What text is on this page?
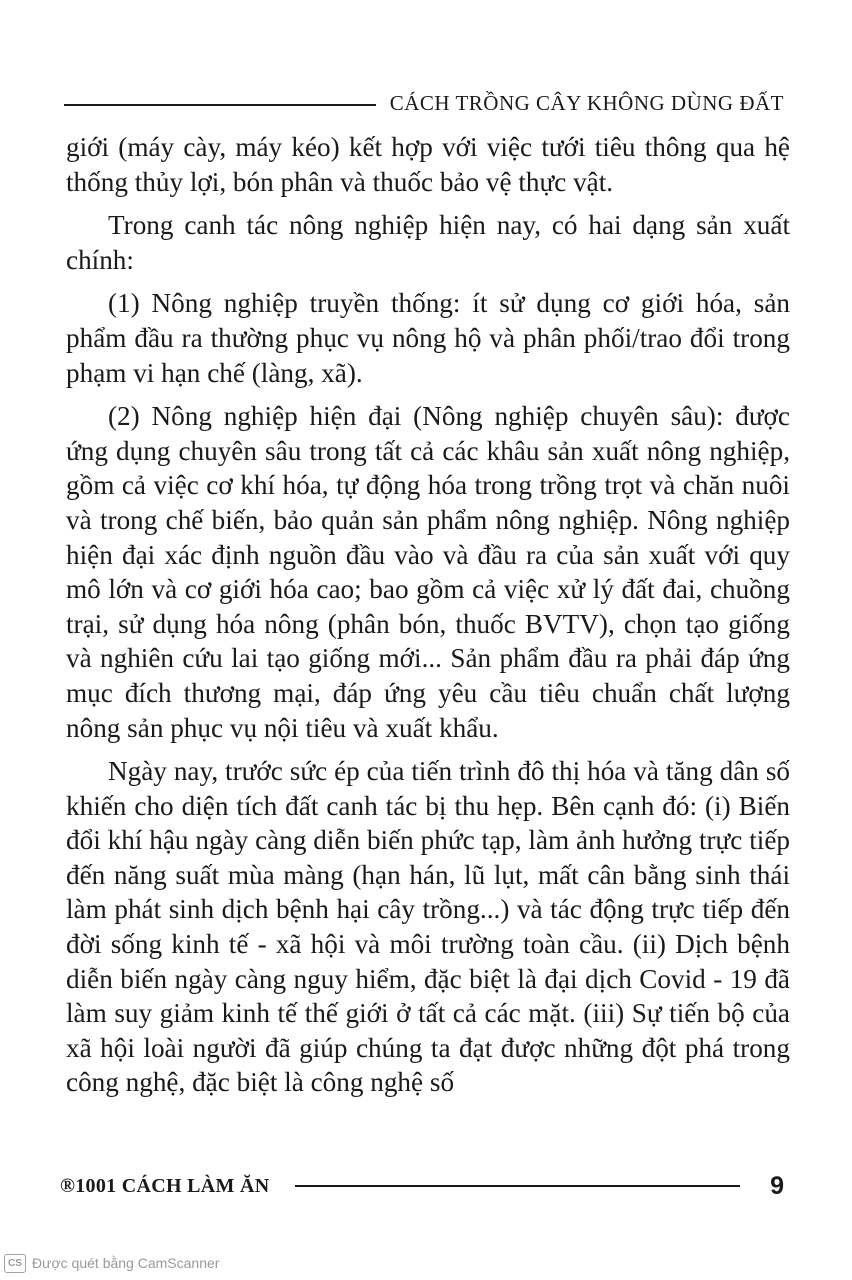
CÁCH TRỒNG CÂY KHÔNG DÙNG ĐẤT

giới (máy cày, máy kéo) kết hợp với việc tưới tiêu thông qua hệ thống thủy lợi, bón phân và thuốc bảo vệ thực vật.

Trong canh tác nông nghiệp hiện nay, có hai dạng sản xuất chính:

(1) Nông nghiệp truyền thống: ít sử dụng cơ giới hóa, sản phẩm đầu ra thường phục vụ nông hộ và phân phối/trao đổi trong phạm vi hạn chế (làng, xã).

(2) Nông nghiệp hiện đại (Nông nghiệp chuyên sâu): được ứng dụng chuyên sâu trong tất cả các khâu sản xuất nông nghiệp, gồm cả việc cơ khí hóa, tự động hóa trong trồng trọt và chăn nuôi và trong chế biến, bảo quản sản phẩm nông nghiệp. Nông nghiệp hiện đại xác định nguồn đầu vào và đầu ra của sản xuất với quy mô lớn và cơ giới hóa cao; bao gồm cả việc xử lý đất đai, chuồng trại, sử dụng hóa nông (phân bón, thuốc BVTV), chọn tạo giống và nghiên cứu lai tạo giống mới... Sản phẩm đầu ra phải đáp ứng mục đích thương mại, đáp ứng yêu cầu tiêu chuẩn chất lượng nông sản phục vụ nội tiêu và xuất khẩu.

Ngày nay, trước sức ép của tiến trình đô thị hóa và tăng dân số khiến cho diện tích đất canh tác bị thu hẹp. Bên cạnh đó: (i) Biến đổi khí hậu ngày càng diễn biến phức tạp, làm ảnh hưởng trực tiếp đến năng suất mùa màng (hạn hán, lũ lụt, mất cân bằng sinh thái làm phát sinh dịch bệnh hại cây trồng...) và tác động trực tiếp đến đời sống kinh tế - xã hội và môi trường toàn cầu. (ii) Dịch bệnh diễn biến ngày càng nguy hiểm, đặc biệt là đại dịch Covid - 19 đã làm suy giảm kinh tế thế giới ở tất cả các mặt. (iii) Sự tiến bộ của xã hội loài người đã giúp chúng ta đạt được những đột phá trong công nghệ, đặc biệt là công nghệ số

®1001 CÁCH LÀM ĂN	9
CS Được quét bằng CamScanner
